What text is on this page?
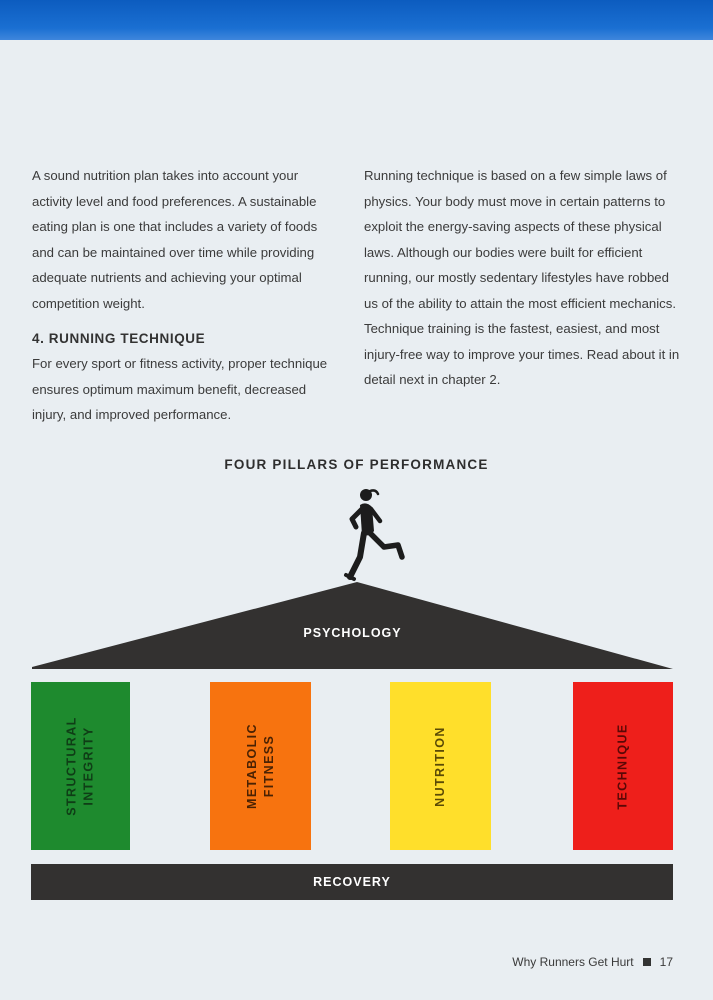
A sound nutrition plan takes into account your activity level and food preferences. A sustainable eating plan is one that includes a variety of foods and can be maintained over time while providing adequate nutrients and achieving your optimal competition weight.

4. RUNNING TECHNIQUE

For every sport or fitness activity, proper technique ensures optimum maximum benefit, decreased injury, and improved performance.

Running technique is based on a few simple laws of physics. Your body must move in certain patterns to exploit the energy-saving aspects of these physical laws. Although our bodies were built for efficient running, our mostly sedentary lifestyles have robbed us of the ability to attain the most efficient mechanics. Technique training is the fastest, easiest, and most injury-free way to improve your times. Read about it in detail next in chapter 2.

FOUR PILLARS OF PERFORMANCE
PSYCHOLOGY
STRUCTURAL
INTEGRITY	METABOLIC
FITNESS	NUTRITION	TECHNIQUE
RECOVERY
Why Runners Get Hurt 17
